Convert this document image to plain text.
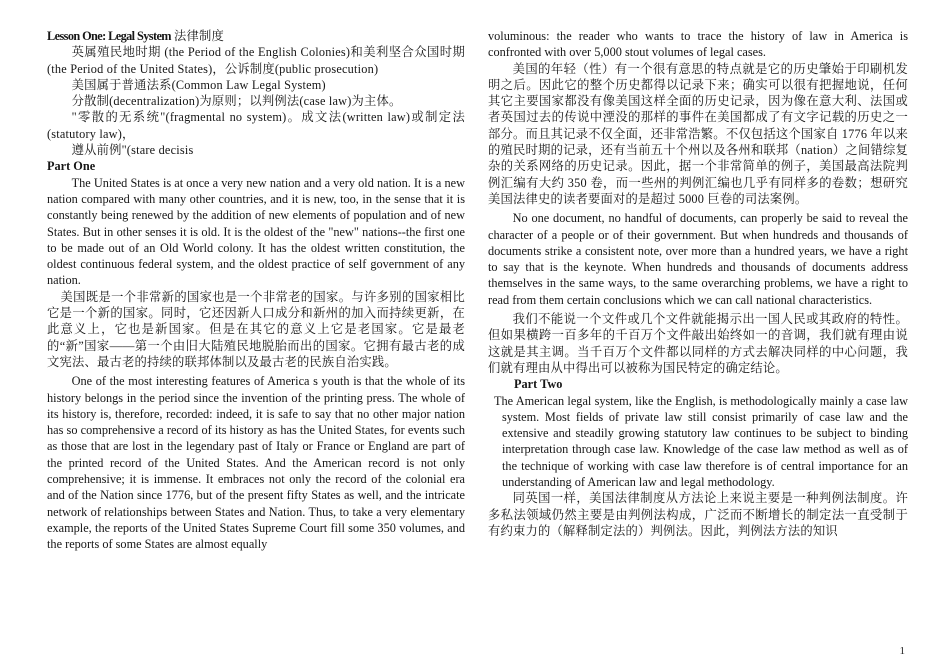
Lesson One: Legal System 法律制度

英属殖民地时期 (the Period of the English Colonies)和美利坚合众国时期(the Period of the United States)，公诉制度(public prosecution)

美国属于普通法系(Common Law Legal System)

分散制(decentralization)为原则；以判例法(case law)为主体。

"零散的无系统"(fragmental no system)。成文法(written law)或制定法(statutory law)，

遵从前例"(stare decisis

Part One

The United States is at once a very new nation and a very old nation. It is a new nation compared with many other countries, and it is new, too, in the sense that it is constantly being renewed by the addition of new elements of population and of new States. But in other senses it is old. It is the oldest of the "new" nations--the first one to be made out of an Old World colony. It has the oldest written constitution, the oldest continuous federal system, and the oldest practice of self government of any nation.

美国既是一个非常新的国家也是一个非常老的国家。与许多别的国家相比它是一个新的国家。同时，它还因新人口成分和新州的加入而持续更新，在此意义上，它也是新国家。但是在其它的意义上它是老国家。它是最老的“新”国家——第一个由旧大陆殖民地脱胎而出的国家。它拥有最古老的成文宪法、最古老的持续的联邦体制以及最古老的民族自治实践。

One of the most interesting features of America s youth is that the whole of its history belongs in the period since the invention of the printing press. The whole of its history is, therefore, recorded: indeed, it is safe to say that no other major nation has so comprehensive a record of its history as has the United States, for events such as those that are lost in the legendary past of Italy or France or England are part of the printed record of the United States. And the American record is not only comprehensive; it is immense. It embraces not only the record of the colonial era and of the Nation since 1776, but of the present fifty States as well, and the intricate network of relationships between States and Nation. Thus, to take a very elementary example, the reports of the United States Supreme Court fill some 350 volumes, and the reports of some States are almost equally

voluminous: the reader who wants to trace the history of law in America is confronted with over 5,000 stout volumes of legal cases.

美国的年轻（性）有一个很有意思的特点就是它的历史肇始于印刷机发明之后。因此它的整个历史都得以记录下来；确实可以很有把握地说，任何其它主要国家都没有像美国这样全面的历史记录，因为像在意大利、法国或者英国过去的传说中湮没的那样的事件在美国都成了有文字记载的历史之一部分。而且其记录不仅全面，还非常浩繁。不仅包括这个国家自 1776 年以来的殖民时期的记录，还有当前五十个州以及各州和联邦（nation）之间错综复杂的关系网络的历史记录。因此，据一个非常简单的例子，美国最高法院判例汇编有大约 350 卷，而一些州的判例汇编也几乎有同样多的卷数；想研究美国法律史的读者要面对的是超过 5000 巨卷的司法案例。

No one document, no handful of documents, can properly be said to reveal the character of a people or of their government. But when hundreds and thousands of documents strike a consistent note, over more than a hundred years, we have a right to say that is the keynote. When hundreds and thousands of documents address themselves in the same ways, to the same overarching problems, we have a right to read from them certain conclusions which we can call national characteristics.

我们不能说一个文件或几个文件就能揭示出一国人民或其政府的特性。但如果横跨一百多年的千百万个文件敲出始终如一的音调，我们就有理由说这就是其主调。当千百万个文件都以同样的方式去解决同样的中心问题，我们就有理由从中得出可以被称为国民特定的确定结论。

Part Two

The American legal system, like the English, is methodologically mainly a case law system. Most fields of private law still consist primarily of case law and the extensive and steadily growing statutory law continues to be subject to binding interpretation through case law. Knowledge of the case law method as well as of the technique of working with case law therefore is of central importance for an understanding of American law and legal methodology.

同英国一样，美国法律制度从方法论上来说主要是一种判例法制度。许多私法领域仍然主要是由判例法构成，广泛而不断增长的制定法一直受制于有约束力的（解释制定法的）判例法。因此，判例法方法的知识

1
